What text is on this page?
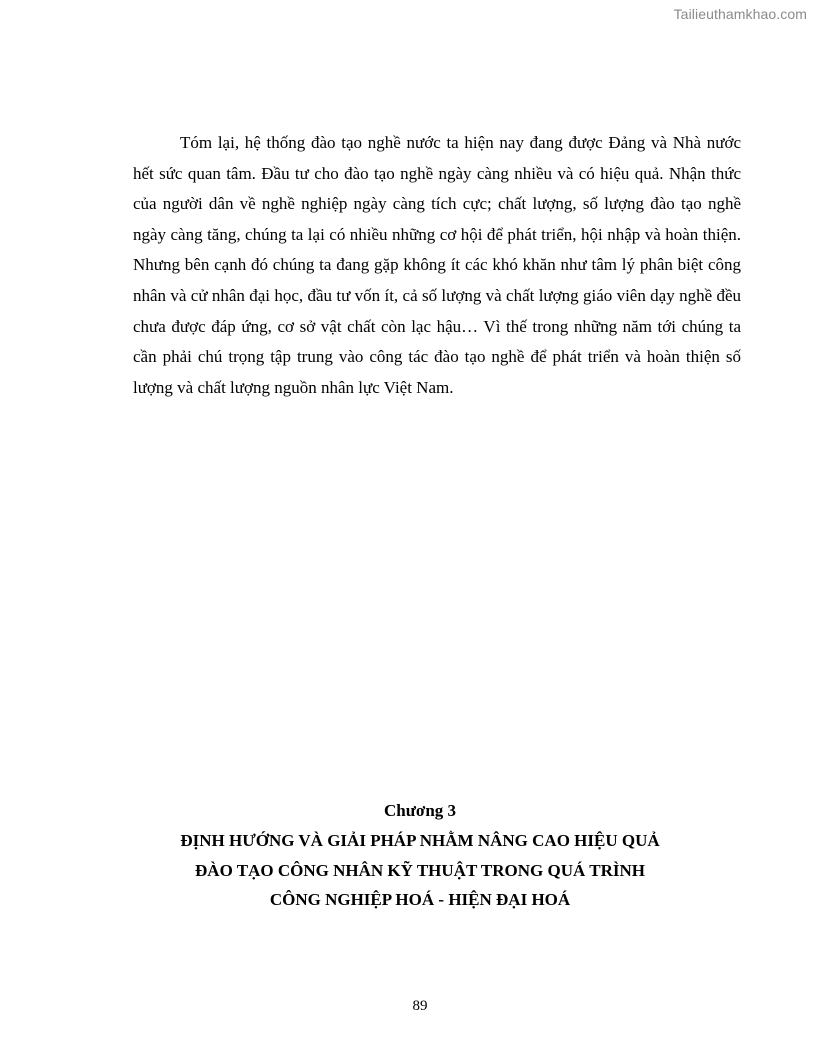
Tailieuthamkhao.com

Tóm lại, hệ thống đào tạo nghề nước ta hiện nay đang được Đảng và Nhà nước hết sức quan tâm. Đầu tư cho đào tạo nghề ngày càng nhiều và có hiệu quả. Nhận thức của người dân về nghề nghiệp ngày càng tích cực; chất lượng, số lượng đào tạo nghề ngày càng tăng, chúng ta lại có nhiều những cơ hội để phát triển, hội nhập và hoàn thiện. Nhưng bên cạnh đó chúng ta đang gặp không ít các khó khăn như tâm lý phân biệt công nhân và cử nhân đại học, đầu tư vốn ít, cả số lượng và chất lượng giáo viên dạy nghề đều chưa được đáp ứng, cơ sở vật chất còn lạc hậu… Vì thế trong những năm tới chúng ta cần phải chú trọng tập trung vào công tác đào tạo nghề để phát triển và hoàn thiện số lượng và chất lượng nguồn nhân lực Việt Nam.

Chương 3

ĐỊNH HƯỚNG VÀ GIẢI PHÁP NHẰM NÂNG CAO HIỆU QUẢ

ĐÀO TẠO CÔNG NHÂN KỸ THUẬT TRONG QUÁ TRÌNH

CÔNG NGHIỆP HOÁ - HIỆN ĐẠI HOÁ

89
